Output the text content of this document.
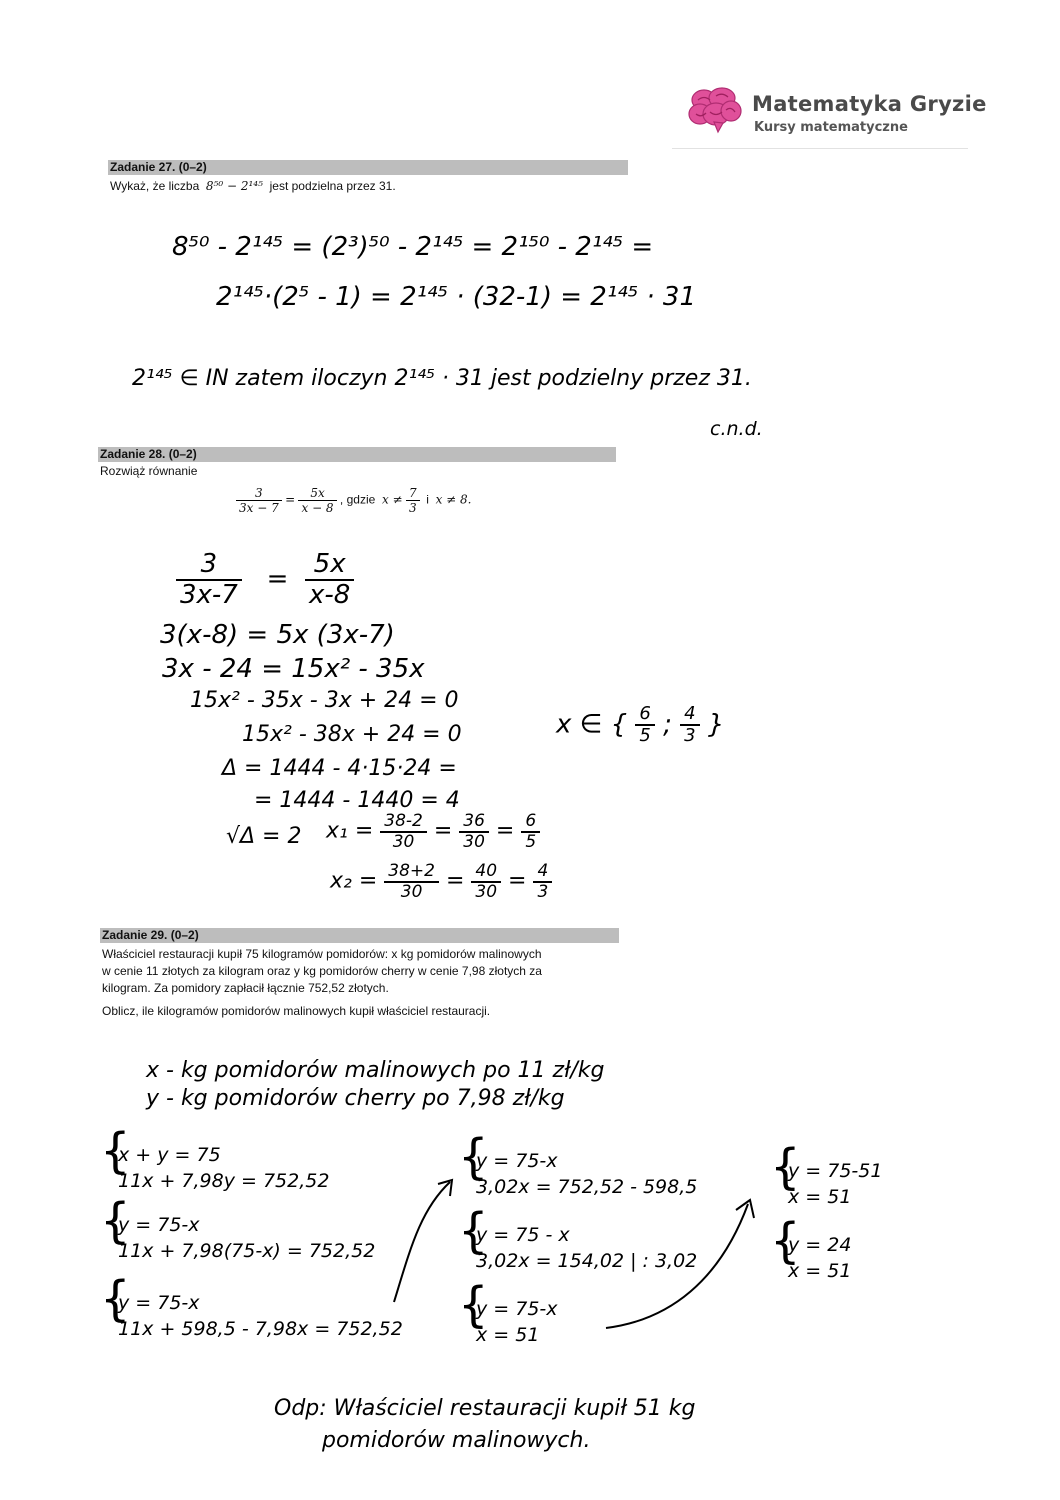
Matematyka Gryzie
Kursy matematyczne
Zadanie 27. (0–2)
Wykaż, że liczba 8⁵⁰ − 2¹⁴⁵ jest podzielna przez 31.
8⁵⁰ - 2¹⁴⁵ = (2³)⁵⁰ - 2¹⁴⁵ = 2¹⁵⁰ - 2¹⁴⁵ =
2¹⁴⁵·(2⁵ - 1) = 2¹⁴⁵ · (32-1) = 2¹⁴⁵ · 31
2¹⁴⁵ ∈ IN zatem iloczyn 2¹⁴⁵ · 31 jest podzielny przez 31.
c.n.d.
Zadanie 28. (0–2)
Rozwiąż równanie
$\frac{3}{3x - 7} = \frac{5x}{x - 8}$ , gdzie $x \ne \frac{7}{3}$ i x ≠ 8.
$\frac{3}{3x-7} = \frac{5x}{x-8}$
3(x-8) = 5x (3x-7)
3x - 24 = 15x² - 35x
15x² - 35x - 3x + 24 = 0
15x² - 38x + 24 = 0
Δ = 1444 - 4·15·24 =
= 1444 - 1440 = 4
√Δ = 2 $x_1 = \frac{38-2}{30} = \frac{36}{30} = \frac{6}{5}$
$x_2 = \frac{38+2}{30} = \frac{40}{30} = \frac{4}{3}$
x ∈ { $\frac{6}{5}$ ; $\frac{4}{3}$ }
Zadanie 29. (0–2)
Właściciel restauracji kupił 75 kilogramów pomidorów: x kg pomidorów malinowych
w cenie 11 złotych za kilogram oraz y kg pomidorów cherry w cenie 7,98 złotych za
kilogram. Za pomidory zapłacił łącznie 752,52 złotych.
Oblicz, ile kilogramów pomidorów malinowych kupił właściciel restauracji.
x - kg pomidorów malinowych po 11 zł/kg
y - kg pomidorów cherry po 7,98 zł/kg
{
x + y = 75
11x + 7,98y = 752,52
{
y = 75-x
11x + 7,98(75-x) = 752,52
{
y = 75-x
11x + 598,5 - 7,98x = 752,52
{
y = 75-x
3,02x = 752,52 - 598,5
{
y = 75 - x
3,02x = 154,02 | : 3,02
{
y = 75-x
x = 51
{
y = 75-51
x = 51
{
y = 24
x = 51
Odp: Właściciel restauracji kupił 51 kg
pomidorów malinowych.
